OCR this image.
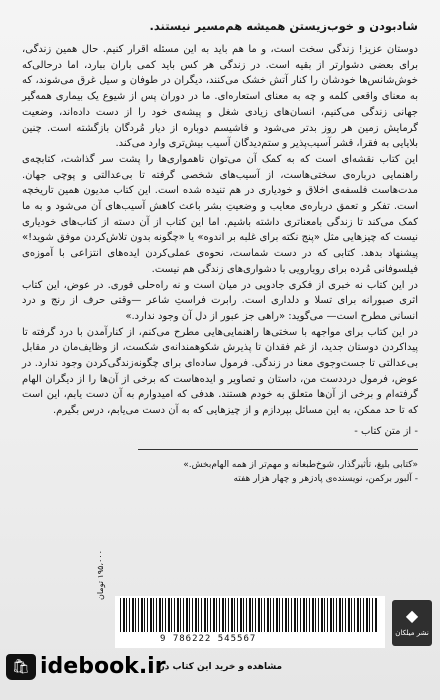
شادبودن و خوب‌زیستن همیشه هم‌مسیر نیستند.

دوستان عزیز! زندگی سخت است، و ما هم باید به این مسئله اقرار کنیم. حال همین زندگی، برای بعضی دشوارتر از بقیه است. در زندگی هر کس باید کمی باران ببارد، اما درحالی‌که خوش‌شانس‌ها خودشان را کنار آتش خشک می‌کنند، دیگران در طوفان و سیل غرق می‌شوند، که به معنای واقعی کلمه و چه به معنای استعاره‌ای. ما در دوران پس از شیوع یک بیماری همه‌گیر جهانی زندگی می‌کنیم، انسان‌های زیادی شغل و پیشه‌ی خود را از دست داده‌اند، وضعیت گرمایش زمین هر روز بدتر می‌شود و فاشیسم دوباره از دیار مُردگان بازگشته است. چنین بلایایی به فقرا، قشر آسیب‌پذیر و ستم‌دیدگان آسیب بیش‌تری وارد می‌کند.

این کتاب نقشه‌ای است که به کمک آن می‌توان ناهمواری‌ها را پشت سر گذاشت، کتابچه‌ی راهنمایی درباره‌ی سختی‌هاست، از آسیب‌های شخصی گرفته تا بی‌عدالتی و پوچی جهان. مدت‌هاست فلسفه‌ی اخلاق و خودیاری در هم تنیده شده است. این کتاب مدیون همین تاریخچه است. تفکر و تعمق درباره‌ی معایب و وضعیتِ بشر باعث کاهش آسیب‌های آن می‌شود و به ما کمک می‌کند تا زندگی بامعناتری داشته باشیم. اما این کتاب از آن دسته از کتاب‌های خودیاری نیست که چیزهایی مثل «پنج نکته برای غلبه بر اندوه» یا «چگونه بدون تلاش‌کردن موفق شوید!» پیشنهاد بدهد. کتابی که در دست شماست، نحوه‌ی عملی‌کردن ایده‌های انتزاعی با آموزه‌ی فیلسوفانی مُرده برای رویارویی با دشواری‌های زندگی هم نیست.

در این کتاب نه خبری از فکری جادویی در میان است و نه راه‌حلی فوری. در عوض، این کتاب اثری صبورانه برای تسلا و دلداری است. رابرت فراستِ شاعر —وقتی حرف از رنج و درد انسانی مطرح است— می‌گوید: «راهی جز عبور از دل آن وجود ندارد.»

در این کتاب برای مواجهه با سختی‌ها راهنمایی‌هایی مطرح می‌کنم، از کنارآمدن با درد گرفته تا پیداکردن دوستان جدید، از غم فقدان تا پذیرش شکوهمندانه‌ی شکست، از وظایف‌مان در مقابل بی‌عدالتی تا جست‌وجوی معنا در زندگی. فرمول ساده‌ای برای چگونه‌زندگی‌کردن وجود ندارد. در عوض، فرمول درد‌دست من، داستان و تصاویر و ایده‌هاست که برخی از آن‌ها را از دیگران الهام گرفته‌ام و برخی از آن‌ها متعلق به خودم هستند. هدفی که امیدوارم به آن دست یابم، این است که تا حد ممکن، به این مسائل بپردازم و از چیزهایی که به آن دست می‌یابم، درس بگیرم.

- از متن کتاب -

«کتابی بلیغ، تأثیرگذار، شوخ‌طبعانه و مهم‌تر از همه الهام‌بخش.»

- آلبور برکمن، نویسنده‌ی پادزهر و چهار هزار هفته

9 786222 545567
۱۹۵،۰۰۰ تومان
◆
نشر میلکان
🛍 idebook.ir
مشاهده و خرید این کتاب در:
